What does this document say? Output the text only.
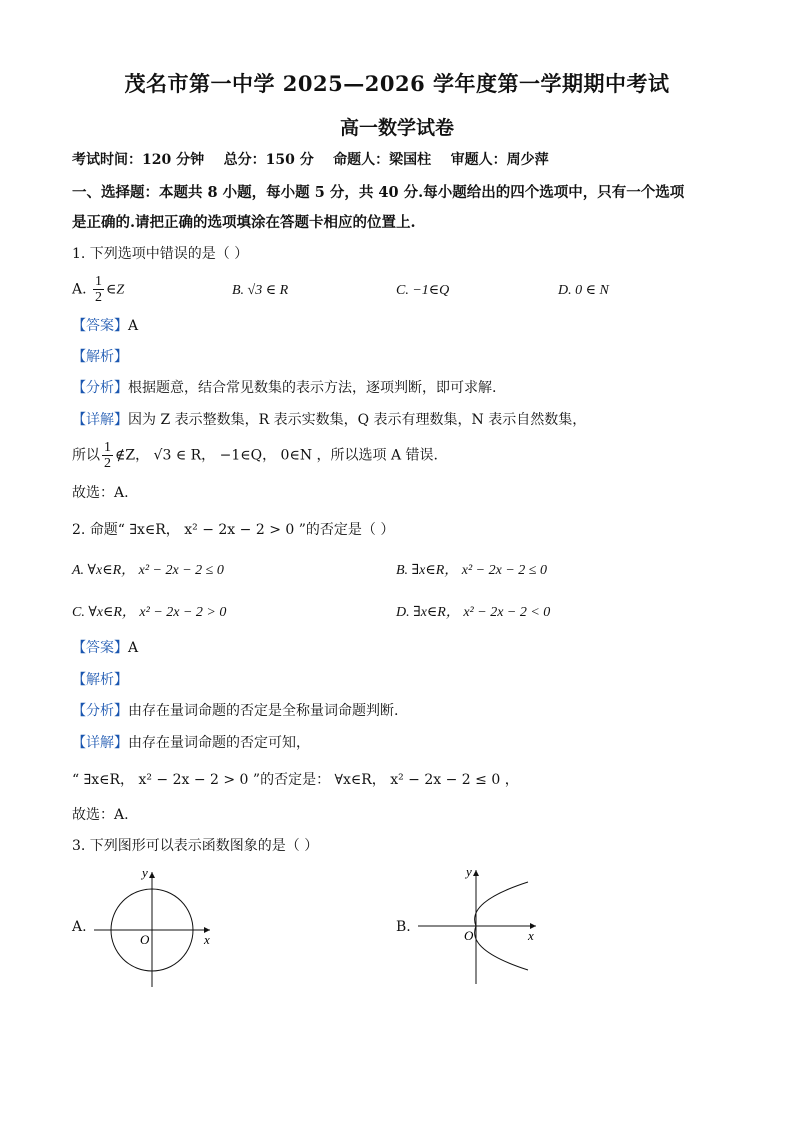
茂名市第一中学 2025—2026 学年度第一学期期中考试
高一数学试卷
考试时间：120 分钟    总分：150 分    命题人：梁国柱    审题人：周少萍
一、选择题：本题共 8 小题，每小题 5 分，共 40 分.每小题给出的四个选项中，只有一个选项
是正确的.请把正确的选项填涂在答题卡相应的位置上.
1. 下列选项中错误的是（ ）
A. $\frac{1}{2}$ ∈Z	B. √3 ∈ R	C. −1∈Q	D. 0 ∈ N
【答案】A
【解析】
【分析】根据题意，结合常见数集的表示方法，逐项判断，即可求解.
【详解】因为 Z 表示整数集，R 表示实数集，Q 表示有理数集，N 表示自然数集，
所以 $\frac{1}{2}$ ∉Z， √3 ∈ R， −1∈Q， 0∈N ，所以选项 A 错误.
故选：A.
2. 命题“ ∃x∈R， x² − 2x − 2 > 0 ”的否定是（ ）
A. ∀x∈R， x² − 2x − 2 ≤ 0	B. ∃x∈R， x² − 2x − 2 ≤ 0
C. ∀x∈R， x² − 2x − 2 > 0	D. ∃x∈R， x² − 2x − 2 < 0
【答案】A
【解析】
【分析】由存在量词命题的否定是全称量词命题判断.
【详解】由存在量词命题的否定可知，
“ ∃x∈R， x² − 2x − 2 > 0 ”的否定是： ∀x∈R， x² − 2x − 2 ≤ 0 ，
故选：A.
3. 下列图形可以表示函数图象的是（ ）
A.	B.
x
y
O	x
y
O
